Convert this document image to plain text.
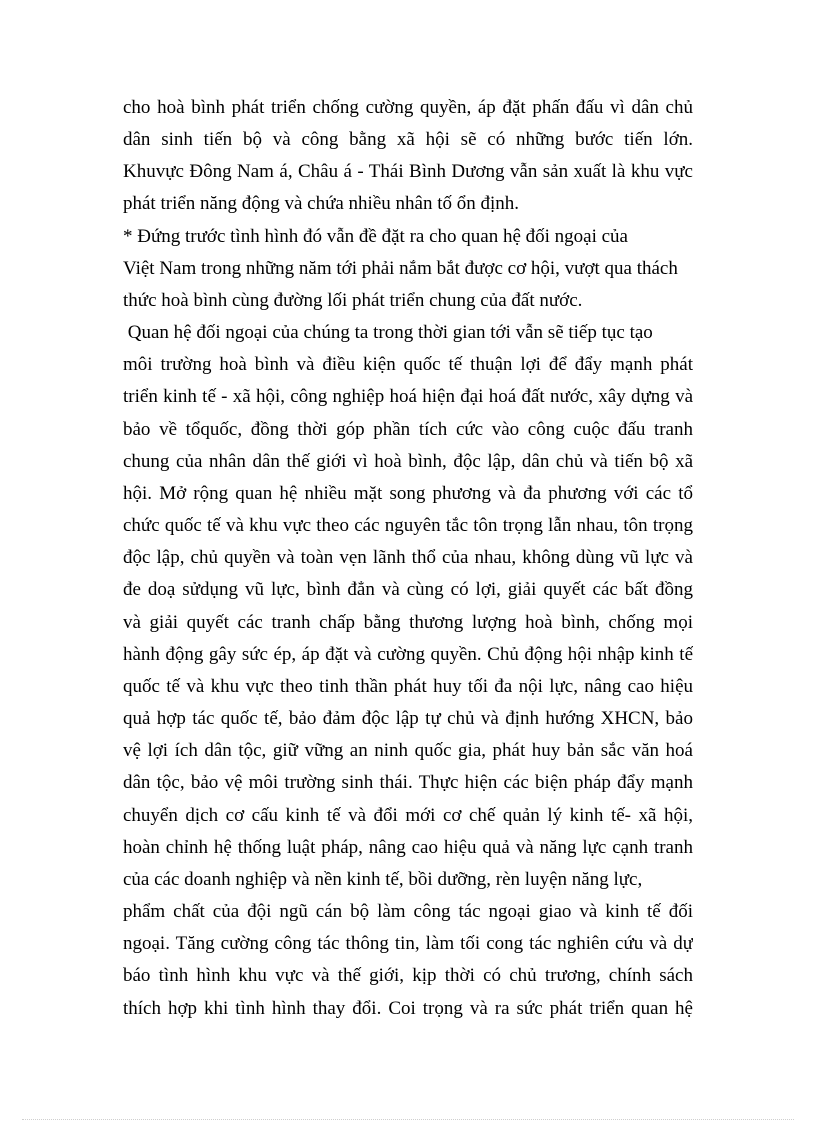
cho hoà bình phát triển chống cường quyền, áp đặt phấn đấu vì dân chủ
dân sinh tiến bộ và công bằng xã hội sẽ có những bước tiến lớn.
Khuvực Đông Nam á, Châu á - Thái Bình Dương vẫn sản xuất là khu vực
phát triển năng động và chứa nhiều nhân tố ổn định.
* Đứng trước tình hình đó vẫn đề đặt ra cho quan hệ đối ngoại của
Việt Nam trong những năm tới phải nắm bắt được cơ hội, vượt qua thách
thức hoà bình cùng đường lối phát triển chung của đất nước.
Quan hệ đối ngoại của chúng ta trong thời gian tới vẫn sẽ tiếp tục tạo
môi trường hoà bình và điều kiện quốc tế thuận lợi để đẩy mạnh phát
triển kinh tế - xã hội, công nghiệp hoá hiện đại hoá đất nước, xây dựng và
bảo về tổquốc, đồng thời góp phần tích cức vào công cuộc đấu tranh
chung của nhân dân thế giới vì hoà bình, độc lập, dân chủ và tiến bộ xã
hội. Mở rộng quan hệ nhiều mặt song phương và đa phương với các tổ
chức quốc tế và khu vực theo các nguyên tắc tôn trọng lẫn nhau, tôn trọng
độc lập, chủ quyền và toàn vẹn lãnh thổ của nhau, không dùng vũ lực và
đe doạ sửdụng vũ lực, bình đẳn và cùng có lợi, giải quyết các bất đồng
và giải quyết các tranh chấp bằng thương lượng hoà bình, chống mọi
hành động gây sức ép, áp đặt và cường quyền. Chủ động hội nhập kinh tế
quốc tế và khu vực theo tinh thần phát huy tối đa nội lực, nâng cao hiệu
quả hợp tác quốc tế, bảo đảm độc lập tự chủ và định hướng XHCN, bảo
vệ lợi ích dân tộc, giữ vững an ninh quốc gia, phát huy bản sắc văn hoá
dân tộc, bảo vệ môi trường sinh thái. Thực hiện các biện pháp đẩy mạnh
chuyển dịch cơ cấu kinh tế và đổi mới cơ chế quản lý kinh tế- xã hội,
hoàn chỉnh hệ thống luật pháp, nâng cao hiệu quả và năng lực cạnh tranh
của các doanh nghiệp và nền kinh tế, bồi dưỡng, rèn luyện năng lực,
phẩm chất của đội ngũ cán bộ làm công tác ngoại giao và kinh tế đối
ngoại. Tăng cường công tác thông tin, làm tối cong tác nghiên cứu và dự
báo tình hình khu vực và thế giới, kịp thời có chủ trương, chính sách
thích hợp khi tình hình thay đổi. Coi trọng và ra sức phát triển quan hệ
